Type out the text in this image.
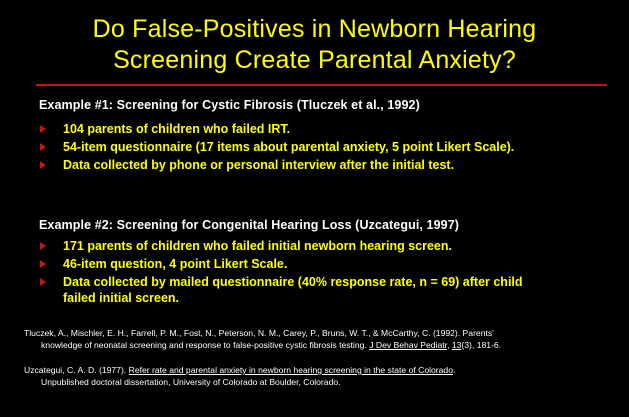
Do False-Positives in Newborn Hearing
Screening Create Parental Anxiety?
Example #1: Screening for Cystic Fibrosis (Tluczek et al., 1992)
104 parents of children who failed IRT.
54-item questionnaire (17 items about parental anxiety, 5 point Likert Scale).
Data collected by phone or personal interview after the initial test.
Example #2: Screening for Congenital Hearing Loss (Uzcategui, 1997)
171 parents of children who failed initial newborn hearing screen.
46-item question, 4 point Likert Scale.
Data collected by mailed questionnaire (40% response rate, n = 69) after child failed initial screen.
Tluczek, A., Mischler, E. H., Farrell, P. M., Fost, N., Peterson, N. M., Carey, P., Bruns, W. T., & McCarthy, C. (1992). Parents'
knowledge of neonatal screening and response to false-positive cystic fibrosis testing. J Dev Behav Pediatr, 13(3), 181-6.
Uzcategui, C. A. D. (1977). Refer rate and parental anxiety in newborn hearing screening in the state of Colorado.
Unpublished doctoral dissertation, University of Colorado at Boulder, Colorado.
